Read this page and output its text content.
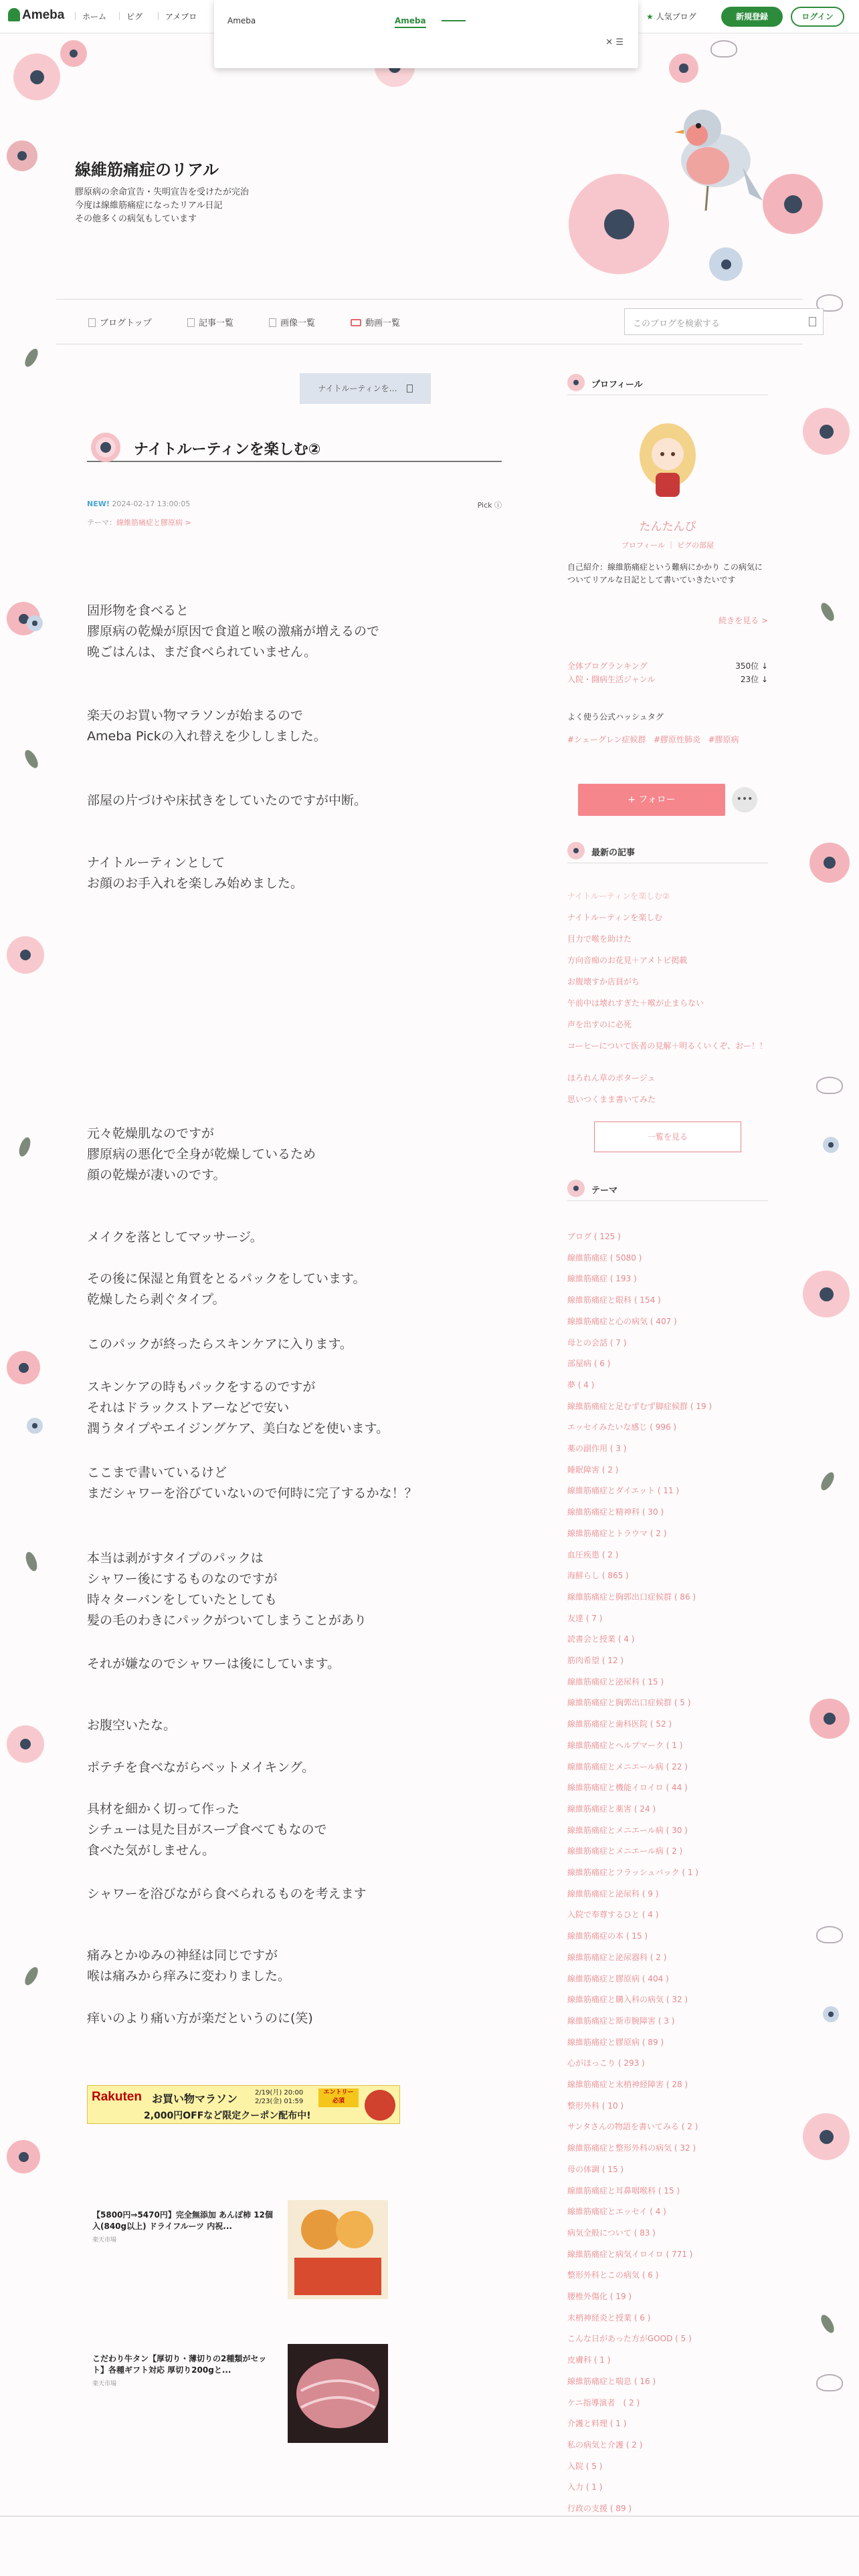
Ameba	ホーム	ピグ	アメブロ	★ 人気ブログ	新規登録	ログイン
Ameba	Ameba
✕ ☰
線維筋痛症のリアル
膠原病の余命宣告・失明宣告を受けたが完治
今度は線維筋痛症になったリアル日記
その他多くの病気もしています
ブログトップ	記事一覧	画像一覧	動画一覧	このブログを検索する
ナイトルーティンを…
ナイトルーティンを楽しむ②
NEW! 2024-02-17 13:00:05	Pick ⓘ
テーマ：線維筋痛症と膠原病 >
固形物を食べると
膠原病の乾燥が原因で食道と喉の激痛が増えるので
晩ごはんは、まだ食べられていません。
楽天のお買い物マラソンが始まるので
Ameba Pickの入れ替えを少ししました。
部屋の片づけや床拭きをしていたのですが中断。
ナイトルーティンとして
お顔のお手入れを楽しみ始めました。
元々乾燥肌なのですが
膠原病の悪化で全身が乾燥しているため
顔の乾燥が凄いのです。
メイクを落としてマッサージ。
その後に保湿と角質をとるパックをしています。
乾燥したら剥ぐタイプ。
このパックが終ったらスキンケアに入ります。
スキンケアの時もパックをするのですが
それはドラックストアーなどで安い
潤うタイプやエイジングケア、美白などを使います。
ここまで書いているけど
まだシャワーを浴びていないので何時に完了するかな！？
本当は剥がすタイプのパックは
シャワー後にするものなのですが
時々ターバンをしていたとしても
髪の毛のわきにパックがついてしまうことがあり
それが嫌なのでシャワーは後にしています。
お腹空いたな。
ポテチを食べながらベットメイキング。
具材を細かく切って作った
シチューは見た目がスープ食べてもなので
食べた気がしません。
シャワーを浴びながら食べられるものを考えます
痛みとかゆみの神経は同じですが
喉は痛みから痒みに変わりました。
痒いのより痛い方が楽だというのに(笑)
Rakuten お買い物マラソン	2/19(月) 20:00
2/23(金) 01:59
エントリー
必須
2,000円OFFなど限定クーポン配布中!
【5800円⇒5470円】完全無添加 あんぽ柿 12個入(840g以上) ドライフルーツ 内祝...
楽天市場
こだわり牛タン【厚切り・薄切りの2種類がセット】各種ギフト対応 厚切り200gと...
楽天市場
プロフィール
たんたんぴ
プロフィール ｜ ピグの部屋
自己紹介：線維筋痛症という難病にかかり この病気についてリアルな日記として書いていきたいです
続きを見る >
全体ブログランキング	350位 ↓
入院・闘病生活ジャンル	23位 ↓
よく使う公式ハッシュタグ
#シェーグレン症候群 #膠原性肺炎 #膠原病
+ フォロー	•••
最新の記事
ナイトルーティンを楽しむ②
ナイトルーティンを楽しむ
目力で喉を助けた
方向音痴のお花見＋アメトピ掲載
お腹壊すか店員がち
午前中は壊れすぎた＋喉が止まらない
声を出すのに必死
コーヒーについて医者の見解＋明るくいくぞ、おー！！
ほろれん草のポタージュ
思いつくまま書いてみた
一覧を見る
テーマ
ブログ ( 125 )
線維筋痛症 ( 5080 )
線維筋痛症 ( 193 )
線維筋痛症と眼科 ( 154 )
線維筋痛症と心の病気 ( 407 )
母との会話 ( 7 )
部屋病 ( 6 )
夢 ( 4 )
線維筋痛症と足むずむず脚症候群 ( 19 )
エッセイみたいな感じ ( 996 )
薬の副作用 ( 3 )
睡眠障害 ( 2 )
線維筋痛症とダイエット ( 11 )
線維筋痛症と精神科 ( 30 )
線維筋痛症とトラウマ ( 2 )
血圧疾患 ( 2 )
海鮮らし ( 865 )
線維筋痛症と胸郭出口症候群 ( 86 )
友達 ( 7 )
読書会と授業 ( 4 )
筋肉希望 ( 12 )
線維筋痛症と泌尿科 ( 15 )
線維筋痛症と胸郭出口症候群 ( 5 )
線維筋痛症と歯科医院 ( 52 )
線維筋痛症とヘルプマーク ( 1 )
線維筋痛症とメニエール病 ( 22 )
線維筋痛症と機能イロイロ ( 44 )
線維筋痛症と薬害 ( 24 )
線維筋痛症とメニエール病 ( 30 )
線維筋痛症とメニエール病 ( 2 )
線維筋痛症とフラッシュバック ( 1 )
線維筋痛症と泌尿科 ( 9 )
入院で奉尊するひと ( 4 )
線維筋痛症の本 ( 15 )
線維筋痛症と泌尿器科 ( 2 )
線維筋痛症と膠原病 ( 404 )
線維筋痛症と購入科の病気 ( 32 )
線維筋痛症と斯市腕障害 ( 3 )
線維筋痛症と膠原病 ( 89 )
心がほっこり ( 293 )
線維筋痛症と末梢神経障害 ( 28 )
整形外科 ( 10 )
サンタさんの物語を書いてみる ( 2 )
線維筋痛症と整形外科の病気 ( 32 )
母の体調 ( 15 )
線維筋痛症と耳鼻咽喉科 ( 15 )
線維筋痛症とエッセイ ( 4 )
病気全般について ( 83 )
線維筋痛症と病気イロイロ ( 771 )
整形外科とこの病気 ( 6 )
腰椎外傷化 ( 19 )
末梢神経炎と授業 ( 6 )
こんな日があった方がGOOD ( 5 )
皮膚科 ( 1 )
線維筋痛症と喘息 ( 16 )
ケニ指導演者　( 2 )
介護と料理 ( 1 )
私の病気と介護 ( 2 )
入院 ( 5 )
入力 ( 1 )
行政の支援 ( 89 )
